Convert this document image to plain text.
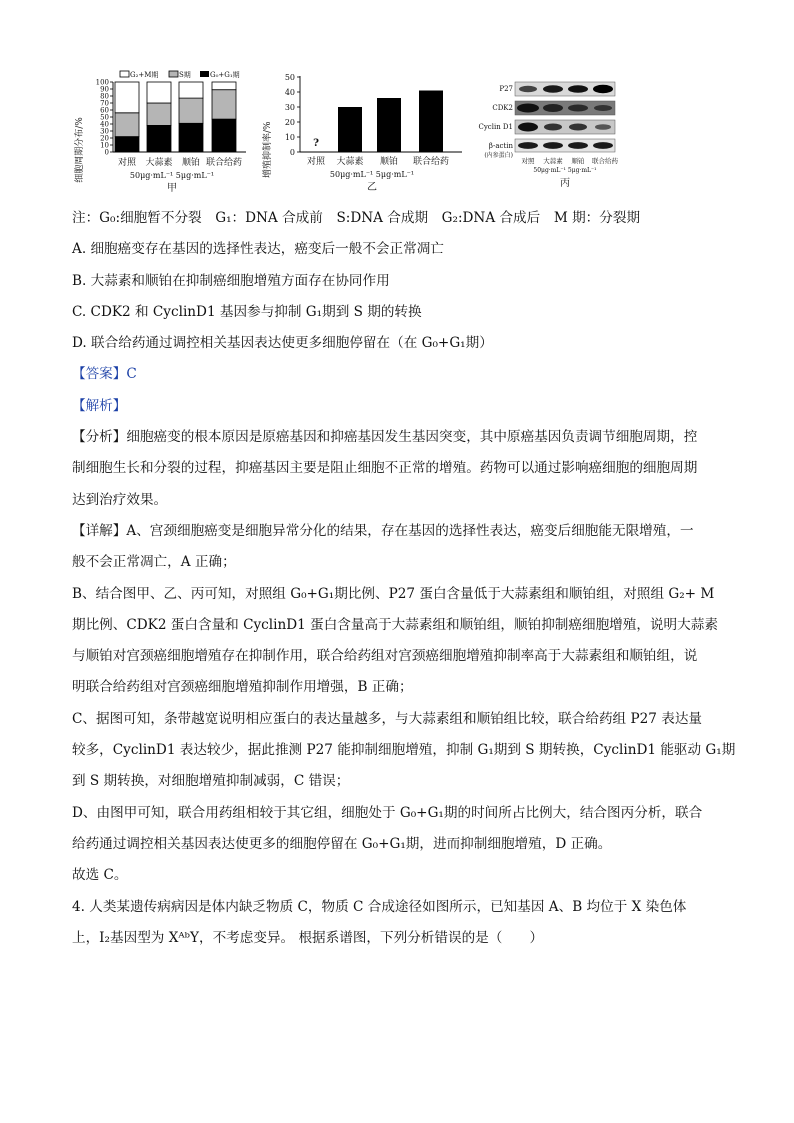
G₂+M期	S期	G₀+G₁期
细胞周期分布/%	0
10
20
30
40
50
60
70
80
90
100
对照 大蒜素 顺铂 联合给药
50μg·mL⁻¹ 5μg·mL⁻¹
甲
增殖抑制率/% 0
10
20
30
40
50
?
对照 大蒜素 顺铂 联合给药
50μg·mL⁻¹ 5μg·mL⁻¹
乙
P27
CDK2
Cyclin D1
β-actin
(内参蛋白)
对照 大蒜素 顺铂 联合给药
50μg·mL⁻¹ 5μg·mL⁻¹
丙
注：G₀:细胞暂不分裂　G₁：DNA 合成前　S:DNA 合成期　G₂:DNA 合成后　M 期：分裂期
A. 细胞癌变存在基因的选择性表达，癌变后一般不会正常凋亡
B. 大蒜素和顺铂在抑制癌细胞增殖方面存在协同作用
C. CDK2 和 CyclinD1 基因参与抑制 G₁期到 S 期的转换
D. 联合给药通过调控相关基因表达使更多细胞停留在（在 G₀+G₁期）
【答案】C
【解析】
【分析】细胞癌变的根本原因是原癌基因和抑癌基因发生基因突变，其中原癌基因负责调节细胞周期，控
制细胞生长和分裂的过程，抑癌基因主要是阻止细胞不正常的增殖。药物可以通过影响癌细胞的细胞周期
达到治疗效果。
【详解】A、宫颈细胞癌变是细胞异常分化的结果，存在基因的选择性表达，癌变后细胞能无限增殖，一
般不会正常凋亡，A 正确；
B、结合图甲、乙、丙可知，对照组 G₀+G₁期比例、P27 蛋白含量低于大蒜素组和顺铂组，对照组 G₂+ M
期比例、CDK2 蛋白含量和 CyclinD1 蛋白含量高于大蒜素组和顺铂组，顺铂抑制癌细胞增殖，说明大蒜素
与顺铂对宫颈癌细胞增殖存在抑制作用，联合给药组对宫颈癌细胞增殖抑制率高于大蒜素组和顺铂组，说
明联合给药组对宫颈癌细胞增殖抑制作用增强，B 正确；
C、据图可知，条带越宽说明相应蛋白的表达量越多，与大蒜素组和顺铂组比较，联合给药组 P27 表达量
较多，CyclinD1 表达较少，据此推测 P27 能抑制细胞增殖，抑制 G₁期到 S 期转换，CyclinD1 能驱动 G₁期
到 S 期转换，对细胞增殖抑制减弱，C 错误；
D、由图甲可知，联合用药组相较于其它组，细胞处于 G₀+G₁期的时间所占比例大，结合图丙分析，联合
给药通过调控相关基因表达使更多的细胞停留在 G₀+G₁期，进而抑制细胞增殖，D 正确。
故选 C。
4. 人类某遗传病病因是体内缺乏物质 C，物质 C 合成途径如图所示，已知基因 A、B 均位于 X 染色体
上，I₂基因型为 XᴬᵇY，不考虑变异。 根据系谱图，下列分析错误的是（　　）
